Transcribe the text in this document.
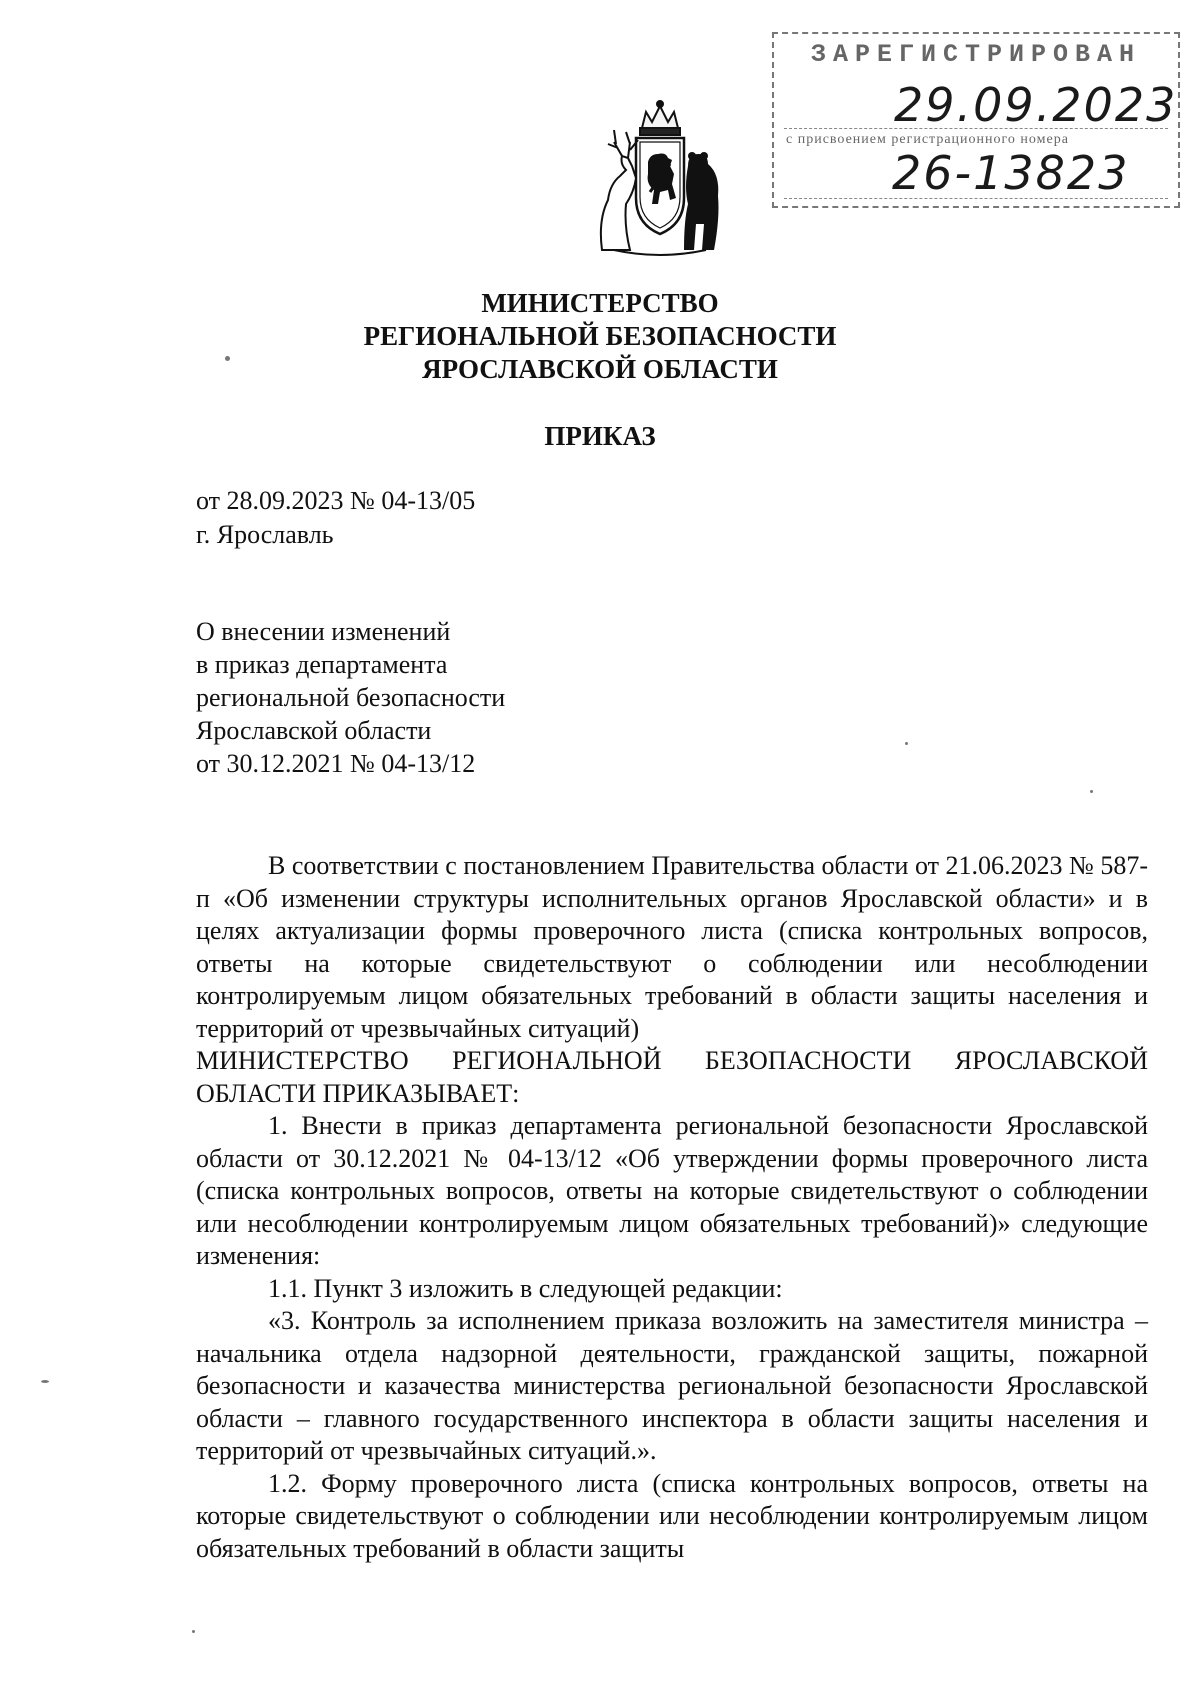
ЗАРЕГИСТРИРОВАН
29.09.2023
с присвоением регистрационного номера
26-13823
МИНИСТЕРСТВО
РЕГИОНАЛЬНОЙ БЕЗОПАСНОСТИ
ЯРОСЛАВСКОЙ ОБЛАСТИ
ПРИКАЗ
от 28.09.2023 № 04-13/05
г. Ярославль
О внесении изменений
в приказ департамента
региональной безопасности
Ярославской области
от 30.12.2021 № 04-13/12

В соответствии с постановлением Правительства области от 21.06.2023 № 587-п «Об изменении структуры исполнительных органов Ярославской области» и в целях актуализации формы проверочного листа (списка контрольных вопросов, ответы на которые свидетельствуют о соблюдении или несоблюдении контролируемым лицом обязательных требований в области защиты населения и территорий от чрезвычайных ситуаций)

МИНИСТЕРСТВО РЕГИОНАЛЬНОЙ БЕЗОПАСНОСТИ ЯРОСЛАВСКОЙ ОБЛАСТИ ПРИКАЗЫВАЕТ:

1. Внести в приказ департамента региональной безопасности Ярославской области от 30.12.2021 № 04-13/12 «Об утверждении формы проверочного листа (списка контрольных вопросов, ответы на которые свидетельствуют о соблюдении или несоблюдении контролируемым лицом обязательных требований)» следующие изменения:

1.1. Пункт 3 изложить в следующей редакции:

«3. Контроль за исполнением приказа возложить на заместителя министра – начальника отдела надзорной деятельности, гражданской защиты, пожарной безопасности и казачества министерства региональной безопасности Ярославской области – главного государственного инспектора в области защиты населения и территорий от чрезвычайных ситуаций.».

1.2. Форму проверочного листа (списка контрольных вопросов, ответы на которые свидетельствуют о соблюдении или несоблюдении контролируемым лицом обязательных требований в области защиты
